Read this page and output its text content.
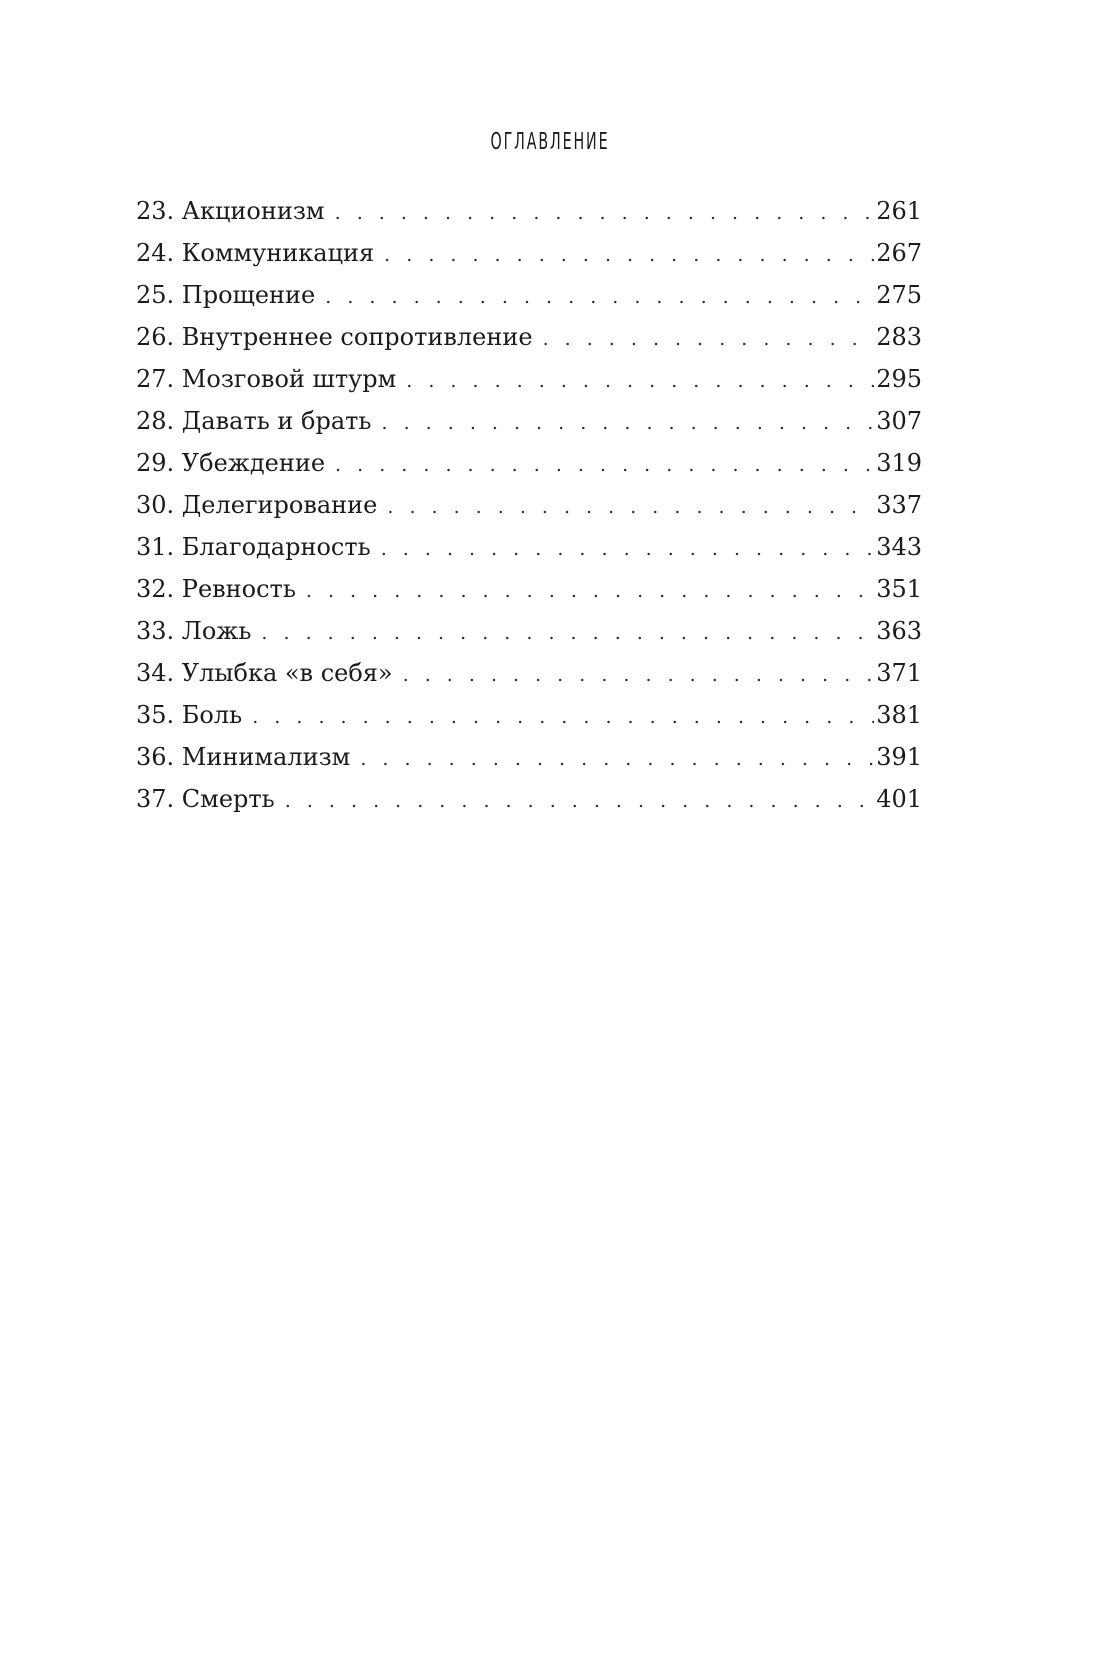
ОГЛАВЛЕНИЕ
23. Акционизм . . .	261
24. Коммуникация . . .	267
25. Прощение . . .	275
26. Внутреннее сопротивление . . .	283
27. Мозговой штурм . . .	295
28. Давать и брать . . .	307
29. Убеждение . . .	319
30. Делегирование . . .	337
31. Благодарность . . .	343
32. Ревность . . .	351
33. Ложь . . .	363
34. Улыбка «в себя» . . .	371
35. Боль . . .	381
36. Минимализм . . .	391
37. Смерть . . .	401
